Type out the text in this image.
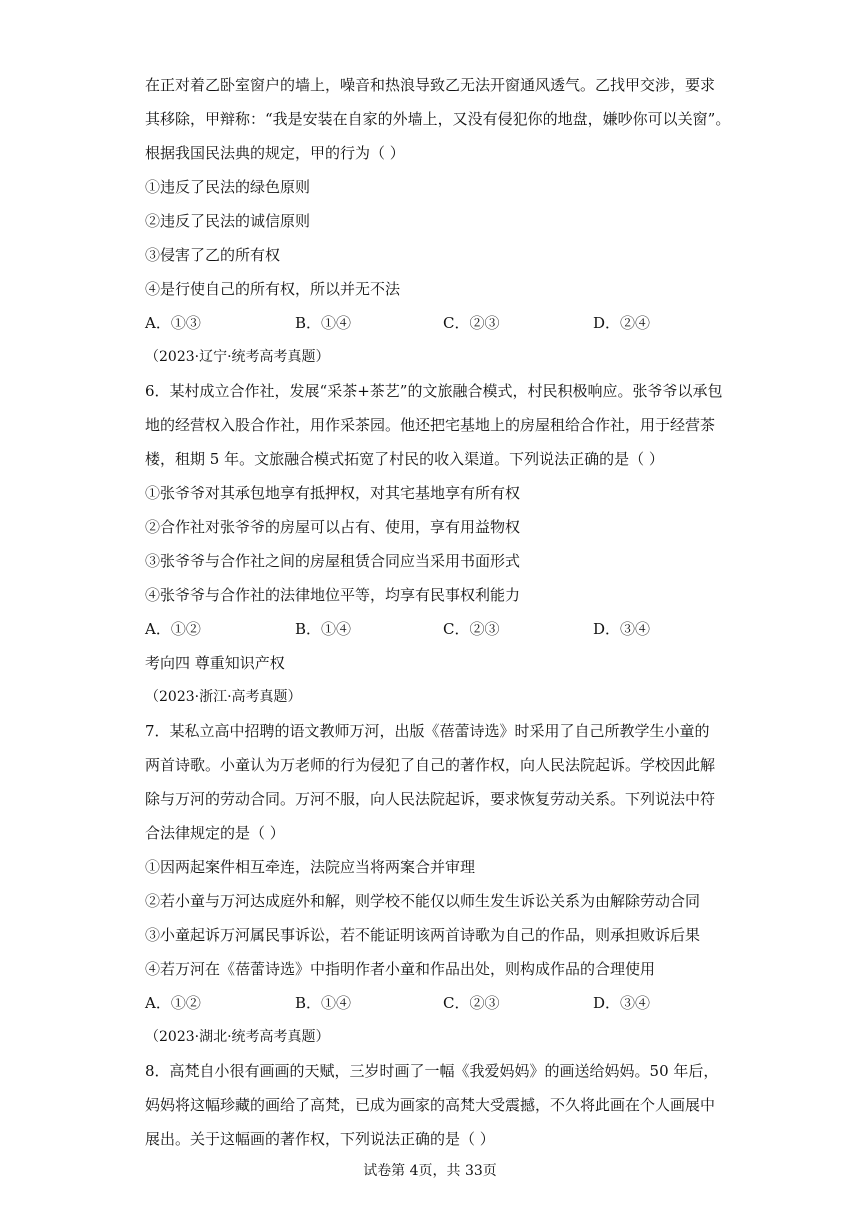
在正对着乙卧室窗户的墙上，噪音和热浪导致乙无法开窗通风透气。乙找甲交涉，要求
其移除，甲辩称：“我是安装在自家的外墙上，又没有侵犯你的地盘，嫌吵你可以关窗”。
根据我国民法典的规定，甲的行为（ ）
①违反了民法的绿色原则
②违反了民法的诚信原则
③侵害了乙的所有权
④是行使自己的所有权，所以并无不法
A．①③	B．①④	C．②③	D．②④
（2023·辽宁·统考高考真题）
6．某村成立合作社，发展“采茶+茶艺”的文旅融合模式，村民积极响应。张爷爷以承包
地的经营权入股合作社，用作采茶园。他还把宅基地上的房屋租给合作社，用于经营茶
楼，租期 5 年。文旅融合模式拓宽了村民的收入渠道。下列说法正确的是（ ）
①张爷爷对其承包地享有抵押权，对其宅基地享有所有权
②合作社对张爷爷的房屋可以占有、使用，享有用益物权
③张爷爷与合作社之间的房屋租赁合同应当采用书面形式
④张爷爷与合作社的法律地位平等，均享有民事权利能力
A．①②	B．①④	C．②③	D．③④
考向四 尊重知识产权
（2023·浙江·高考真题）
7．某私立高中招聘的语文教师万河，出版《蓓蕾诗选》时采用了自己所教学生小童的
两首诗歌。小童认为万老师的行为侵犯了自己的著作权，向人民法院起诉。学校因此解
除与万河的劳动合同。万河不服，向人民法院起诉，要求恢复劳动关系。下列说法中符
合法律规定的是（ ）
①因两起案件相互牵连，法院应当将两案合并审理
②若小童与万河达成庭外和解，则学校不能仅以师生发生诉讼关系为由解除劳动合同
③小童起诉万河属民事诉讼，若不能证明该两首诗歌为自己的作品，则承担败诉后果
④若万河在《蓓蕾诗选》中指明作者小童和作品出处，则构成作品的合理使用
A．①②	B．①④	C．②③	D．③④
（2023·湖北·统考高考真题）
8．高梵自小很有画画的天赋，三岁时画了一幅《我爱妈妈》的画送给妈妈。50 年后，
妈妈将这幅珍藏的画给了高梵，已成为画家的高梵大受震撼，不久将此画在个人画展中
展出。关于这幅画的著作权，下列说法正确的是（ ）
试卷第 4页，共 33页
